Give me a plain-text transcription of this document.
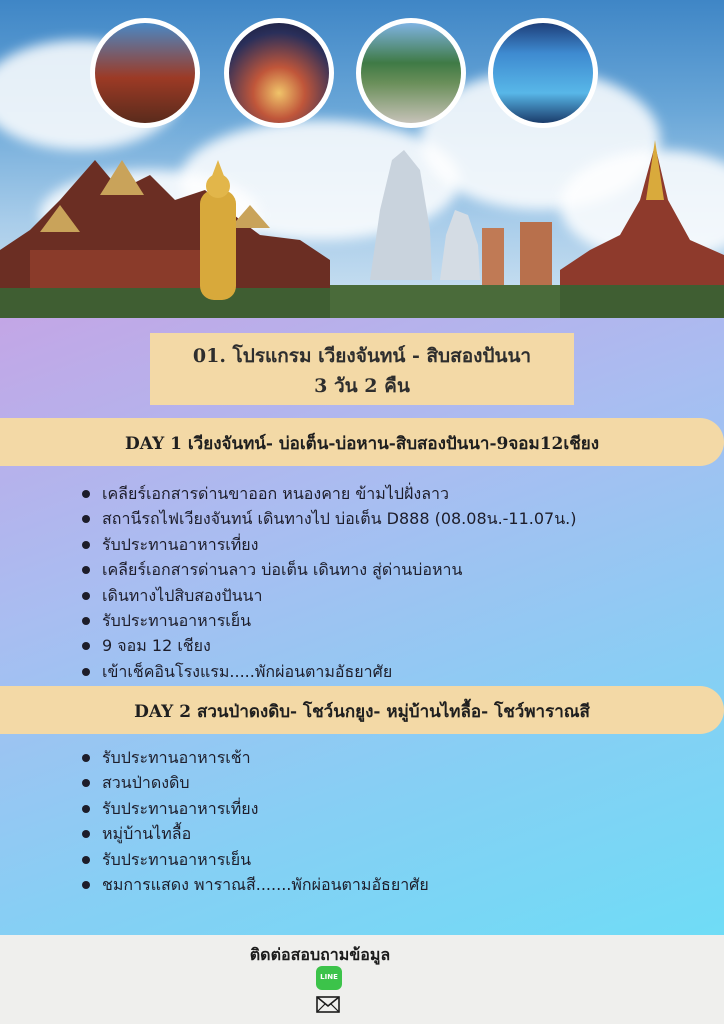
01. โปรแกรม เวียงจันทน์ - สิบสองปันนา
3 วัน 2 คืน
DAY 1 เวียงจันทน์- บ่อเต็น-บ่อหาน-สิบสองปันนา-9จอม12เชียง
เคลียร์เอกสารด่านขาออก หนองคาย ข้ามไปฝั่งลาว
สถานีรถไฟเวียงจันทน์ เดินทางไป บ่อเต็น D888 (08.08น.-11.07น.)
รับประทานอาหารเที่ยง
เคลียร์เอกสารด่านลาว บ่อเต็น เดินทาง สู่ด่านบ่อหาน
เดินทางไปสิบสองปันนา
รับประทานอาหารเย็น
9 จอม 12 เชียง
เข้าเช็คอินโรงแรม.....พักผ่อนตามอัธยาศัย
DAY 2 สวนป่าดงดิบ- โชว์นกยูง- หมู่บ้านไทลื้อ- โชว์พาราณสี
รับประทานอาหารเช้า
สวนป่าดงดิบ
รับประทานอาหารเที่ยง
หมู่บ้านไทลื้อ
รับประทานอาหารเย็น
ชมการแสดง พาราณสี.......พักผ่อนตามอัธยาศัย
ติดต่อสอบถามข้อมูล
LINE
